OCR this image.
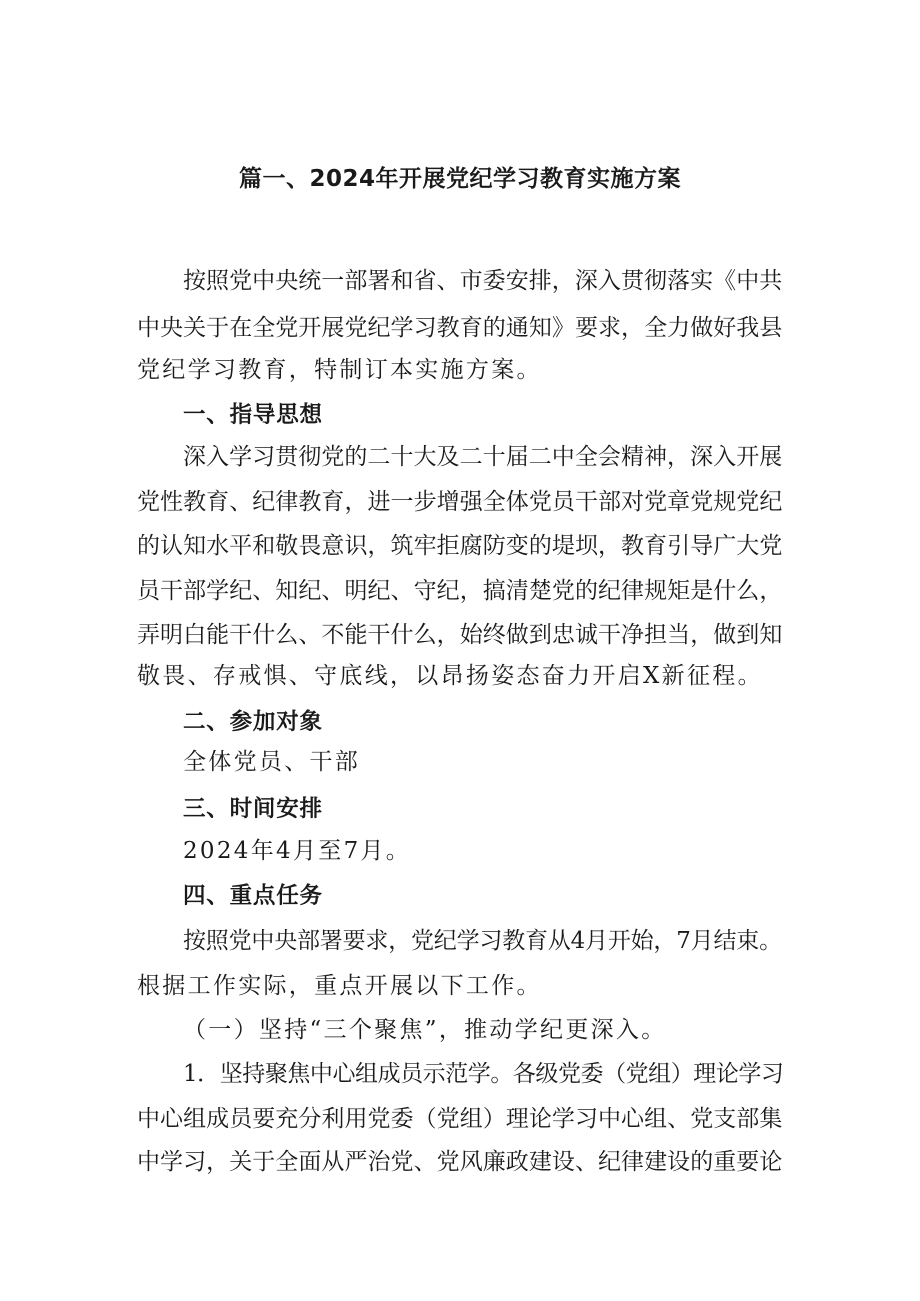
篇一、2024年开展党纪学习教育实施方案
按照党中央统一部署和省、市委安排，深入贯彻落实《中共
中央关于在全党开展党纪学习教育的通知》要求，全力做好我县
党纪学习教育，特制订本实施方案。
一、指导思想
深入学习贯彻党的二十大及二十届二中全会精神，深入开展
党性教育、纪律教育，进一步增强全体党员干部对党章党规党纪
的认知水平和敬畏意识，筑牢拒腐防变的堤坝，教育引导广大党
员干部学纪、知纪、明纪、守纪，搞清楚党的纪律规矩是什么，
弄明白能干什么、不能干什么，始终做到忠诚干净担当，做到知
敬畏、存戒惧、守底线，以昂扬姿态奋力开启X新征程。
二、参加对象
全体党员、干部
三、时间安排
2024年4月至7月。
四、重点任务
按照党中央部署要求，党纪学习教育从4月开始，7月结束。
根据工作实际，重点开展以下工作。
（一）坚持“三个聚焦”，推动学纪更深入。
1．坚持聚焦中心组成员示范学。各级党委（党组）理论学习
中心组成员要充分利用党委（党组）理论学习中心组、党支部集
中学习，关于全面从严治党、党风廉政建设、纪律建设的重要论
